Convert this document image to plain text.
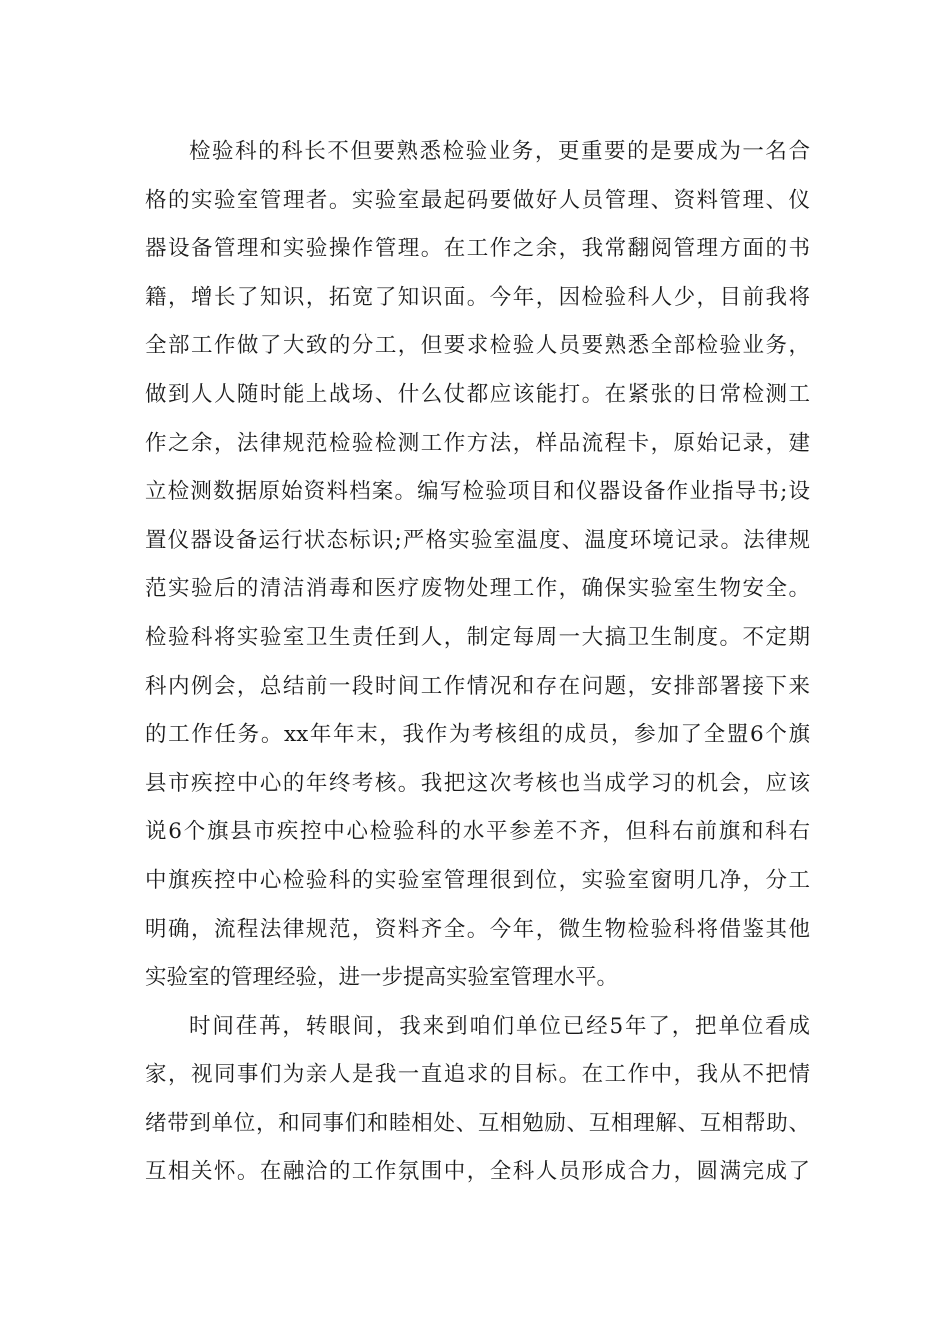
检验科的科长不但要熟悉检验业务，更重要的是要成为一名合
格的实验室管理者。实验室最起码要做好人员管理、资料管理、仪
器设备管理和实验操作管理。在工作之余，我常翻阅管理方面的书
籍，增长了知识，拓宽了知识面。今年，因检验科人少，目前我将
全部工作做了大致的分工，但要求检验人员要熟悉全部检验业务，
做到人人随时能上战场、什么仗都应该能打。在紧张的日常检测工
作之余，法律规范检验检测工作方法，样品流程卡，原始记录，建
立检测数据原始资料档案。编写检验项目和仪器设备作业指导书;设
置仪器设备运行状态标识;严格实验室温度、温度环境记录。法律规
范实验后的清洁消毒和医疗废物处理工作，确保实验室生物安全。
检验科将实验室卫生责任到人，制定每周一大搞卫生制度。不定期
科内例会，总结前一段时间工作情况和存在问题，安排部署接下来
的工作任务。xx年年末，我作为考核组的成员，参加了全盟6个旗
县市疾控中心的年终考核。我把这次考核也当成学习的机会，应该
说6个旗县市疾控中心检验科的水平参差不齐，但科右前旗和科右
中旗疾控中心检验科的实验室管理很到位，实验室窗明几净，分工
明确，流程法律规范，资料齐全。今年，微生物检验科将借鉴其他
实验室的管理经验，进一步提高实验室管理水平。
时间荏苒，转眼间，我来到咱们单位已经5年了，把单位看成
家，视同事们为亲人是我一直追求的目标。在工作中，我从不把情
绪带到单位，和同事们和睦相处、互相勉励、互相理解、互相帮助、
互相关怀。在融洽的工作氛围中，全科人员形成合力，圆满完成了
